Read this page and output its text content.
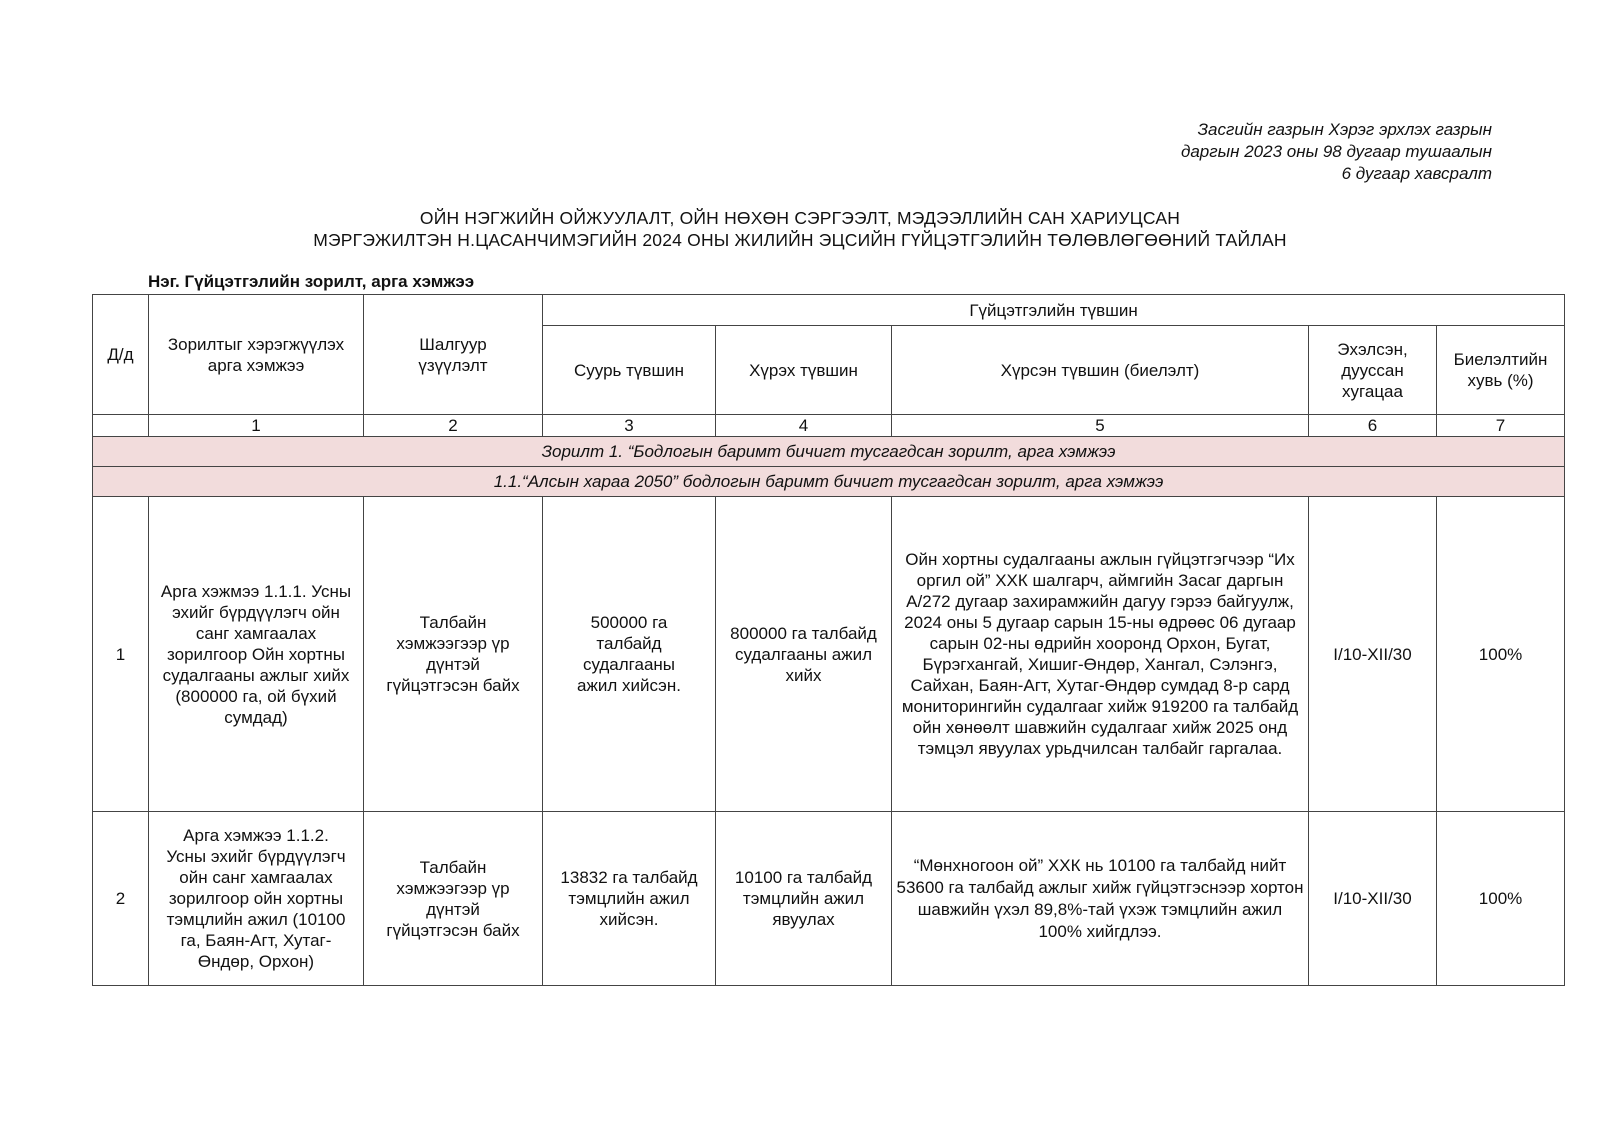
Засгийн газрын Хэрэг эрхлэх газрын
даргын 2023 оны 98 дугаар тушаалын
6 дугаар хавсралт
ОЙН НЭГЖИЙН ОЙЖУУЛАЛТ, ОЙН НӨХӨН СЭРГЭЭЛТ, МЭДЭЭЛЛИЙН САН ХАРИУЦСАН
МЭРГЭЖИЛТЭН Н.ЦАСАНЧИМЭГИЙН 2024 ОНЫ ЖИЛИЙН ЭЦСИЙН ГҮЙЦЭТГЭЛИЙН ТӨЛӨВЛӨГӨӨНИЙ ТАЙЛАН
Нэг. Гүйцэтгэлийн зорилт, арга хэмжээ
Д/д	Зорилтыг хэрэгжүүлэх арга хэмжээ	Шалгуур үзүүлэлт	Гүйцэтгэлийн түвшин				
			Суурь түвшин	Хүрэх түвшин	Хүрсэн түвшин (биелэлт)	Эхэлсэн, дууссан хугацаа	Биелэлтийн хувь (%)
	1	2	3	4	5	6	7
Зорилт 1. “Бодлогын баримт бичигт тусгагдсан зорилт, арга хэмжээ							
1.1.“Алсын хараа 2050” бодлогын баримт бичигт тусгагдсан зорилт, арга хэмжээ							
1	Арга хэжмээ 1.1.1. Усны эхийг бүрдүүлэгч ойн санг хамгаалах зорилгоор Ойн хортны судалгааны ажлыг хийх (800000 га, ой бүхий сумдад)	Талбайн хэмжээгээр үр дүнтэй гүйцэтгэсэн байх	500000 га талбайд судалгааны ажил хийсэн.	800000 га талбайд судалгааны ажил хийх	Ойн хортны судалгааны ажлын гүйцэтгэгчээр “Их оргил ой” ХХК шалгарч, аймгийн Засаг даргын А/272 дугаар захирамжийн дагуу гэрээ байгуулж, 2024 оны 5 дугаар сарын 15-ны өдрөөс 06 дугаар сарын 02-ны өдрийн хооронд Орхон, Бугат, Бүрэгхангай, Хишиг-Өндөр, Хангал, Сэлэнгэ, Сайхан, Баян-Агт, Хутаг-Өндөр сумдад 8-р сард мониторингийн судалгааг хийж 919200 га талбайд ойн хөнөөлт шавжийн судалгааг хийж 2025 онд тэмцэл явуулах урьдчилсан талбайг гаргалаа.	I/10-XII/30	100%
2	Арга хэмжээ 1.1.2. Усны эхийг бүрдүүлэгч ойн санг хамгаалах зорилгоор ойн хортны тэмцлийн ажил (10100 га, Баян-Агт, Хутаг-Өндөр, Орхон)	Талбайн хэмжээгээр үр дүнтэй гүйцэтгэсэн байх	13832 га талбайд тэмцлийн ажил хийсэн.	10100 га талбайд тэмцлийн ажил явуулах	“Мөнхногоон ой” ХХК нь 10100 га талбайд нийт 53600 га талбайд ажлыг хийж гүйцэтгэснээр хортон шавжийн үхэл 89,8%-тай үхэж тэмцлийн ажил 100% хийгдлээ.	I/10-XII/30	100%
